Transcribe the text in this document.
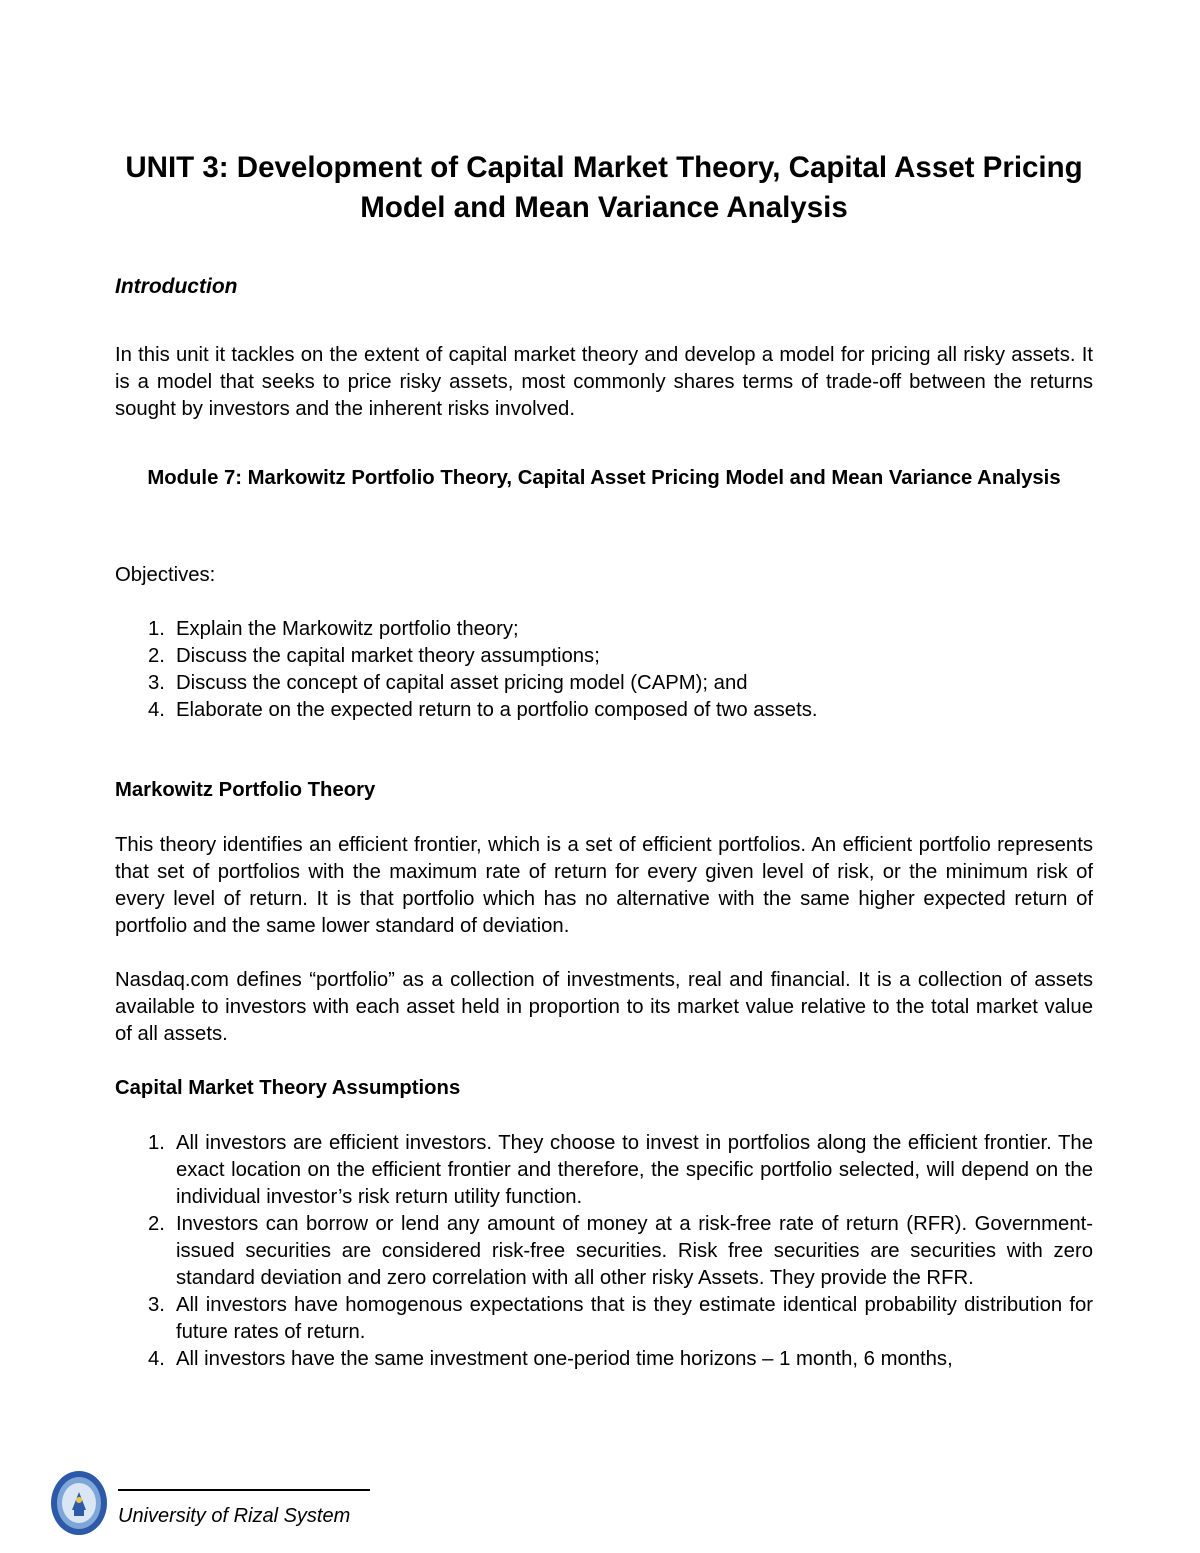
UNIT 3: Development of Capital Market Theory, Capital Asset Pricing Model and Mean Variance Analysis
Introduction

In this unit it tackles on the extent of capital market theory and develop a model for pricing all risky assets. It is a model that seeks to price risky assets, most commonly shares terms of trade-off between the returns sought by investors and the inherent risks involved.

Module 7: Markowitz Portfolio Theory, Capital Asset Pricing Model and Mean Variance Analysis
Objectives:
1. Explain the Markowitz portfolio theory;
2. Discuss the capital market theory assumptions;
3. Discuss the concept of capital asset pricing model (CAPM); and
4. Elaborate on the expected return to a portfolio composed of two assets.
Markowitz Portfolio Theory

This theory identifies an efficient frontier, which is a set of efficient portfolios. An efficient portfolio represents that set of portfolios with the maximum rate of return for every given level of risk, or the minimum risk of every level of return. It is that portfolio which has no alternative with the same higher expected return of portfolio and the same lower standard of deviation.

Nasdaq.com defines “portfolio” as a collection of investments, real and financial. It is a collection of assets available to investors with each asset held in proportion to its market value relative to the total market value of all assets.

Capital Market Theory Assumptions
1. All investors are efficient investors. They choose to invest in portfolios along the efficient frontier. The exact location on the efficient frontier and therefore, the specific portfolio selected, will depend on the individual investor’s risk return utility function.
2. Investors can borrow or lend any amount of money at a risk-free rate of return (RFR). Government-issued securities are considered risk-free securities. Risk free securities are securities with zero standard deviation and zero correlation with all other risky Assets. They provide the RFR.
3. All investors have homogenous expectations that is they estimate identical probability distribution for future rates of return.
4. All investors have the same investment one-period time horizons – 1 month, 6 months,
University of Rizal System
